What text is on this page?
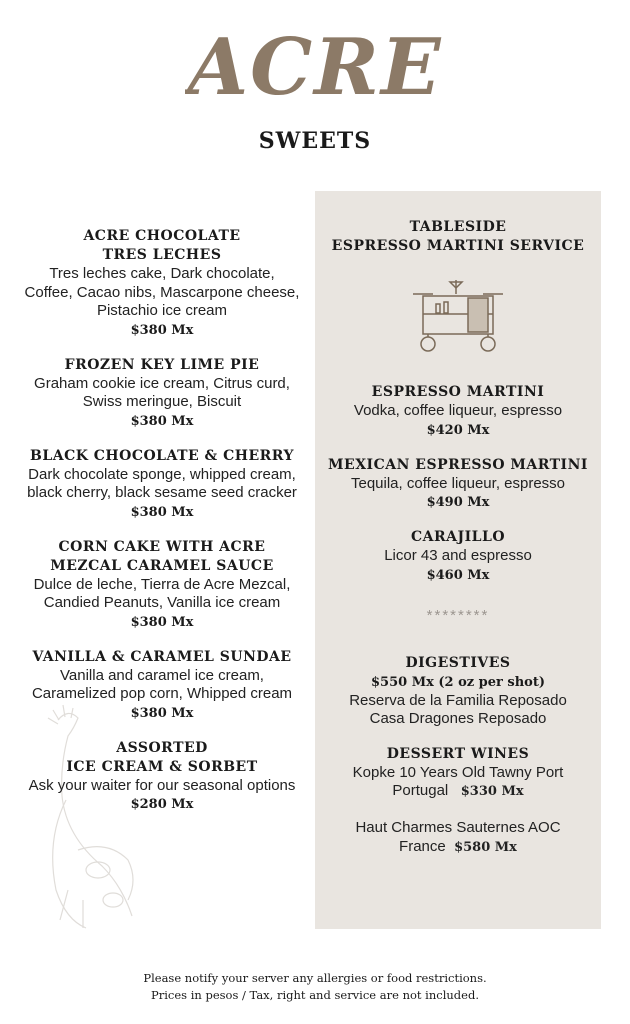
ACRE
SWEETS

ACRE CHOCOLATE
TRES LECHES

Tres leches cake, Dark chocolate, Coffee, Cacao nibs, Mascarpone cheese, Pistachio ice cream
$380 Mx
FROZEN KEY LIME PIE
Graham cookie ice cream, Citrus curd, Swiss meringue, Biscuit
$380 Mx
BLACK CHOCOLATE & CHERRY
Dark chocolate sponge, whipped cream, black cherry, black sesame seed cracker
$380 Mx
CORN CAKE WITH ACRE
MEZCAL CARAMEL SAUCE
Dulce de leche, Tierra de Acre Mezcal, Candied Peanuts, Vanilla ice cream
$380 Mx
VANILLA & CARAMEL SUNDAE
Vanilla and caramel ice cream, Caramelized pop corn, Whipped cream
$380 Mx
ASSORTED
ICE CREAM & SORBET
Ask your waiter for our seasonal options
$280 Mx
TABLESIDE
ESPRESSO MARTINI SERVICE
ESPRESSO MARTINI
Vodka, coffee liqueur, espresso
$420 Mx
MEXICAN ESPRESSO MARTINI
Tequila, coffee liqueur, espresso
$490 Mx
CARAJILLO
Licor 43 and espresso
$460 Mx
********
DIGESTIVES
$550 Mx (2 oz per shot)
Reserva de la Familia Reposado
Casa Dragones Reposado
DESSERT WINES
Kopke 10 Years Old Tawny Port
Portugal $330 Mx
Haut Charmes Sauternes AOC
France $580 Mx
Please notify your server any allergies or food restrictions.
Prices in pesos / Tax, right and service are not included.
